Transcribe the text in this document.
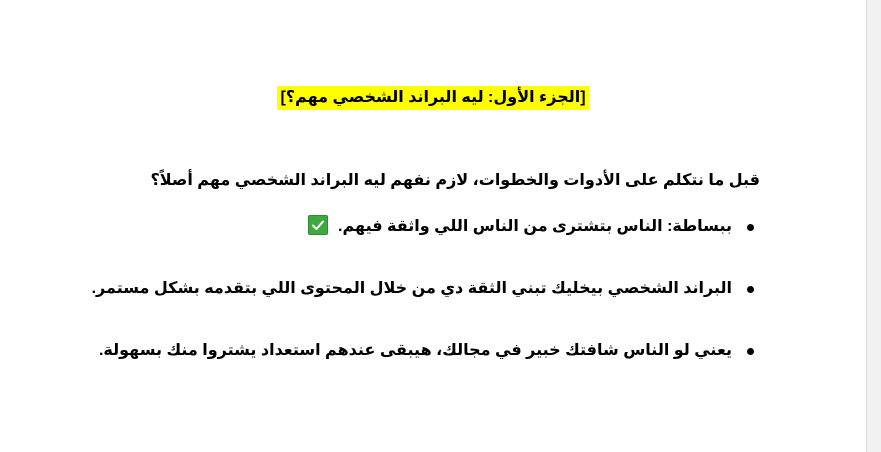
[الجزء الأول: ليه البراند الشخصي مهم؟]
قبل ما نتكلم على الأدوات والخطوات، لازم نفهم ليه البراند الشخصي مهم أصلاً؟
ببساطة: الناس بتشترى من الناس اللي واثقة فيهم.
البراند الشخصي بيخليك تبني الثقة دي من خلال المحتوى اللي بتقدمه بشكل مستمر.
يعني لو الناس شافتك خبير في مجالك، هيبقى عندهم استعداد يشتروا منك بسهولة.
